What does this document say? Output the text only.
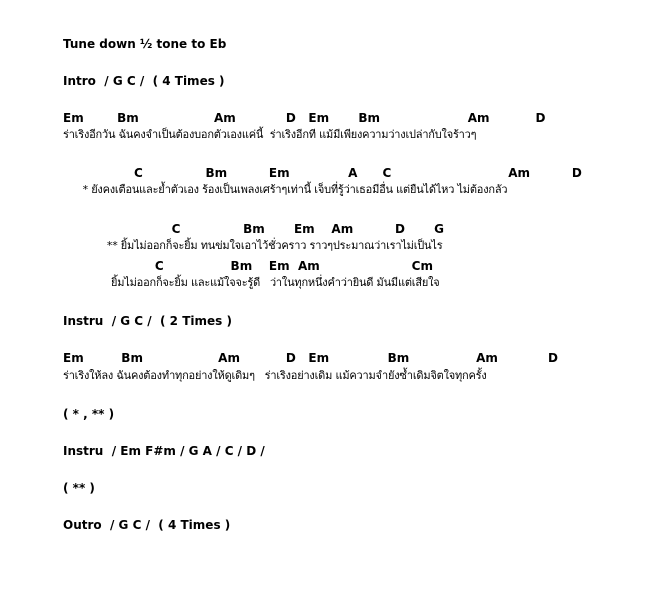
Tune down ½ tone to Eb
Intro  / G C /  ( 4 Times )
Em        Bm                  Am            D   Em       Bm                     Am           D
ร่าเริงอีกวัน ฉันคงจำเป็นต้องบอกตัวเองแค่นี้  ร่าเริงอีกที แม้มีเพียงความว่างเปล่ากับใจร้าวๆ
C               Bm          Em              A      C                            Am          D
* ยังคงเตือนและย้ำตัวเอง ร้องเป็นเพลงเศร้าๆเท่านี้ เจ็บที่รู้ว่าเธอมีอื่น แต่ยืนได้ไหว ไม่ต้องกลัว
C               Bm       Em    Am          D       G
** ยิ้มไม่ออกก็จะยิ้ม ทนข่มใจเอาไว้ชั่วคราว ราวๆประมาณว่าเราไม่เป็นไร
C                Bm    Em  Am                      Cm
ยิ้มไม่ออกก็จะยิ้ม และแม้ใจจะรู้ดี   ว่าในทุกหนึ่งคำว่ายินดี มันมีแต่เสียใจ
Instru  / G C /  ( 2 Times )
Em         Bm                  Am           D   Em              Bm                Am            D
ร่าเริงให้ลง ฉันคงต้องทำทุกอย่างให้ดูเดิมๆ   ร่าเริงอย่างเดิม แม้ความจำยังซ้ำเดิมจิตใจทุกครั้ง
( * , ** )
Instru  / Em F#m / G A / C / D /
( ** )
Outro  / G C /  ( 4 Times )
